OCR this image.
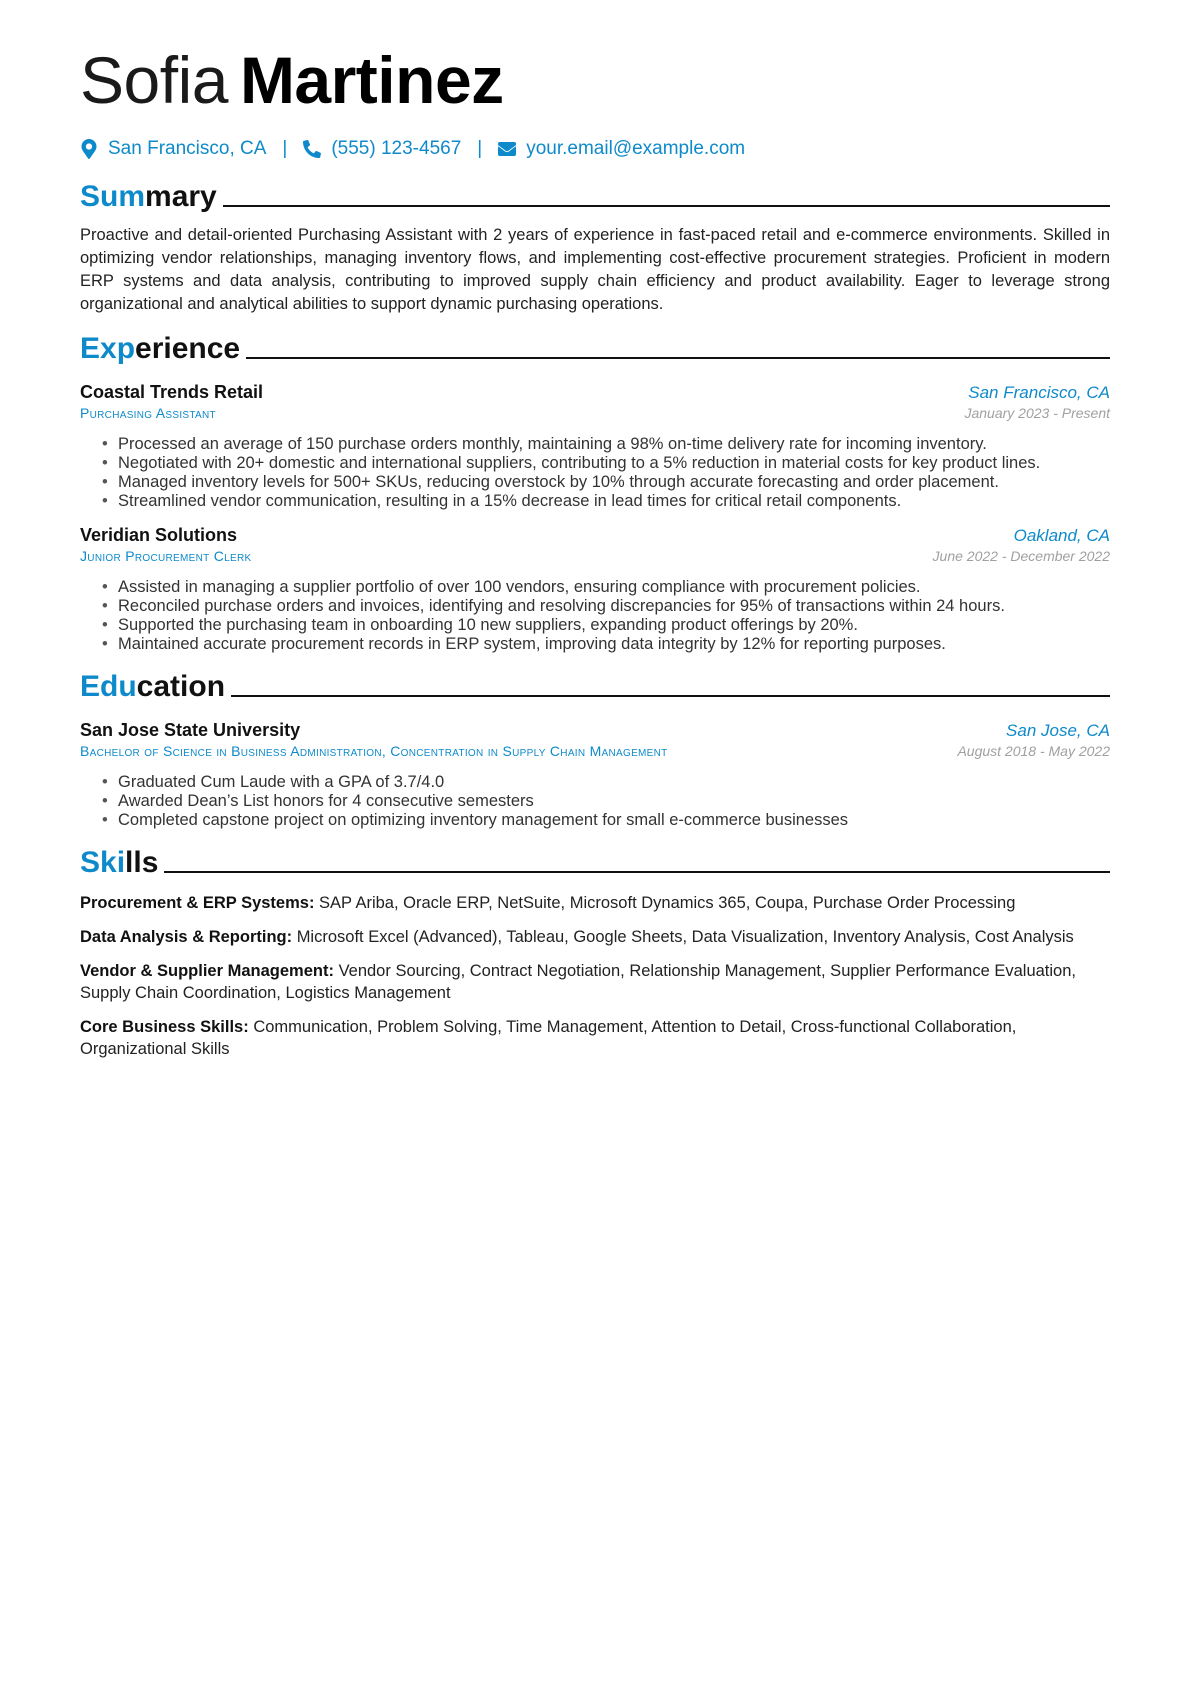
Sofia Martinez
San Francisco, CA | (555) 123-4567 | your.email@example.com
Summary

Proactive and detail-oriented Purchasing Assistant with 2 years of experience in fast-paced retail and e-commerce environments. Skilled in optimizing vendor relationships, managing inventory flows, and implementing cost-effective procurement strategies. Proficient in modern ERP systems and data analysis, contributing to improved supply chain efficiency and product availability. Eager to leverage strong organizational and analytical abilities to support dynamic purchasing operations.

Experience
Coastal Trends Retail	San Francisco, CA
Purchasing Assistant	January 2023 - Present
• Processed an average of 150 purchase orders monthly, maintaining a 98% on-time delivery rate for incoming inventory.
• Negotiated with 20+ domestic and international suppliers, contributing to a 5% reduction in material costs for key product lines.
• Managed inventory levels for 500+ SKUs, reducing overstock by 10% through accurate forecasting and order placement.
• Streamlined vendor communication, resulting in a 15% decrease in lead times for critical retail components.
Veridian Solutions	Oakland, CA
Junior Procurement Clerk	June 2022 - December 2022
• Assisted in managing a supplier portfolio of over 100 vendors, ensuring compliance with procurement policies.
• Reconciled purchase orders and invoices, identifying and resolving discrepancies for 95% of transactions within 24 hours.
• Supported the purchasing team in onboarding 10 new suppliers, expanding product offerings by 20%.
• Maintained accurate procurement records in ERP system, improving data integrity by 12% for reporting purposes.
Education
San Jose State University	San Jose, CA
Bachelor of Science in Business Administration, Concentration in Supply Chain Management	August 2018 - May 2022
• Graduated Cum Laude with a GPA of 3.7/4.0
• Awarded Dean’s List honors for 4 consecutive semesters
• Completed capstone project on optimizing inventory management for small e-commerce businesses
Skills
Procurement & ERP Systems: SAP Ariba, Oracle ERP, NetSuite, Microsoft Dynamics 365, Coupa, Purchase Order Processing
Data Analysis & Reporting: Microsoft Excel (Advanced), Tableau, Google Sheets, Data Visualization, Inventory Analysis, Cost Analysis
Vendor & Supplier Management: Vendor Sourcing, Contract Negotiation, Relationship Management, Supplier Performance Evaluation, Supply Chain Coordination, Logistics Management
Core Business Skills: Communication, Problem Solving, Time Management, Attention to Detail, Cross-functional Collaboration, Organizational Skills
